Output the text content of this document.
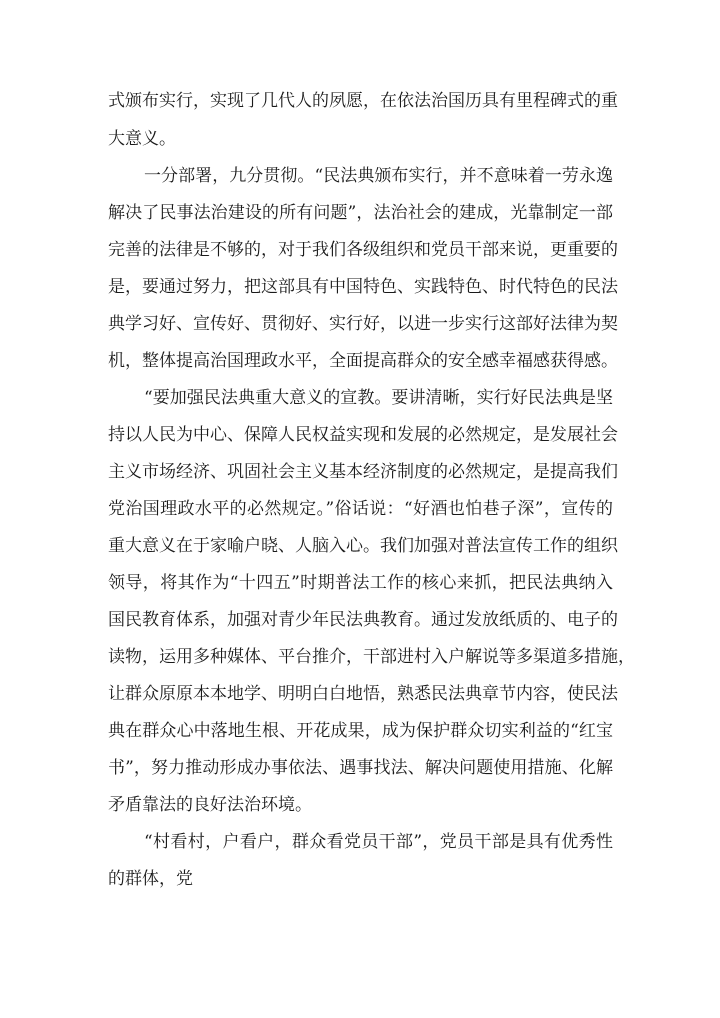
式颁布实行，实现了几代人的夙愿，在依法治国历具有里程碑式的重
大意义。
一分部署，九分贯彻。“民法典颁布实行，并不意味着一劳永逸
解决了民事法治建设的所有问题”，法治社会的建成，光靠制定一部
完善的法律是不够的，对于我们各级组织和党员干部来说，更重要的
是，要通过努力，把这部具有中国特色、实践特色、时代特色的民法
典学习好、宣传好、贯彻好、实行好，以进一步实行这部好法律为契
机，整体提高治国理政水平，全面提高群众的安全感幸福感获得感。
“要加强民法典重大意义的宣教。要讲清晰，实行好民法典是坚
持以人民为中心、保障人民权益实现和发展的必然规定，是发展社会
主义市场经济、巩固社会主义基本经济制度的必然规定，是提高我们
党治国理政水平的必然规定。”俗话说：“好酒也怕巷子深”，宣传的
重大意义在于家喻户晓、人脑入心。我们加强对普法宣传工作的组织
领导，将其作为“十四五”时期普法工作的核心来抓，把民法典纳入
国民教育体系，加强对青少年民法典教育。通过发放纸质的、电子的
读物，运用多种媒体、平台推介，干部进村入户解说等多渠道多措施，
让群众原原本本地学、明明白白地悟，熟悉民法典章节内容，使民法
典在群众心中落地生根、开花成果，成为保护群众切实利益的“红宝
书”，努力推动形成办事依法、遇事找法、解决问题使用措施、化解
矛盾靠法的良好法治环境。
“村看村，户看户，群众看党员干部”，党员干部是具有优秀性
的群体，党
